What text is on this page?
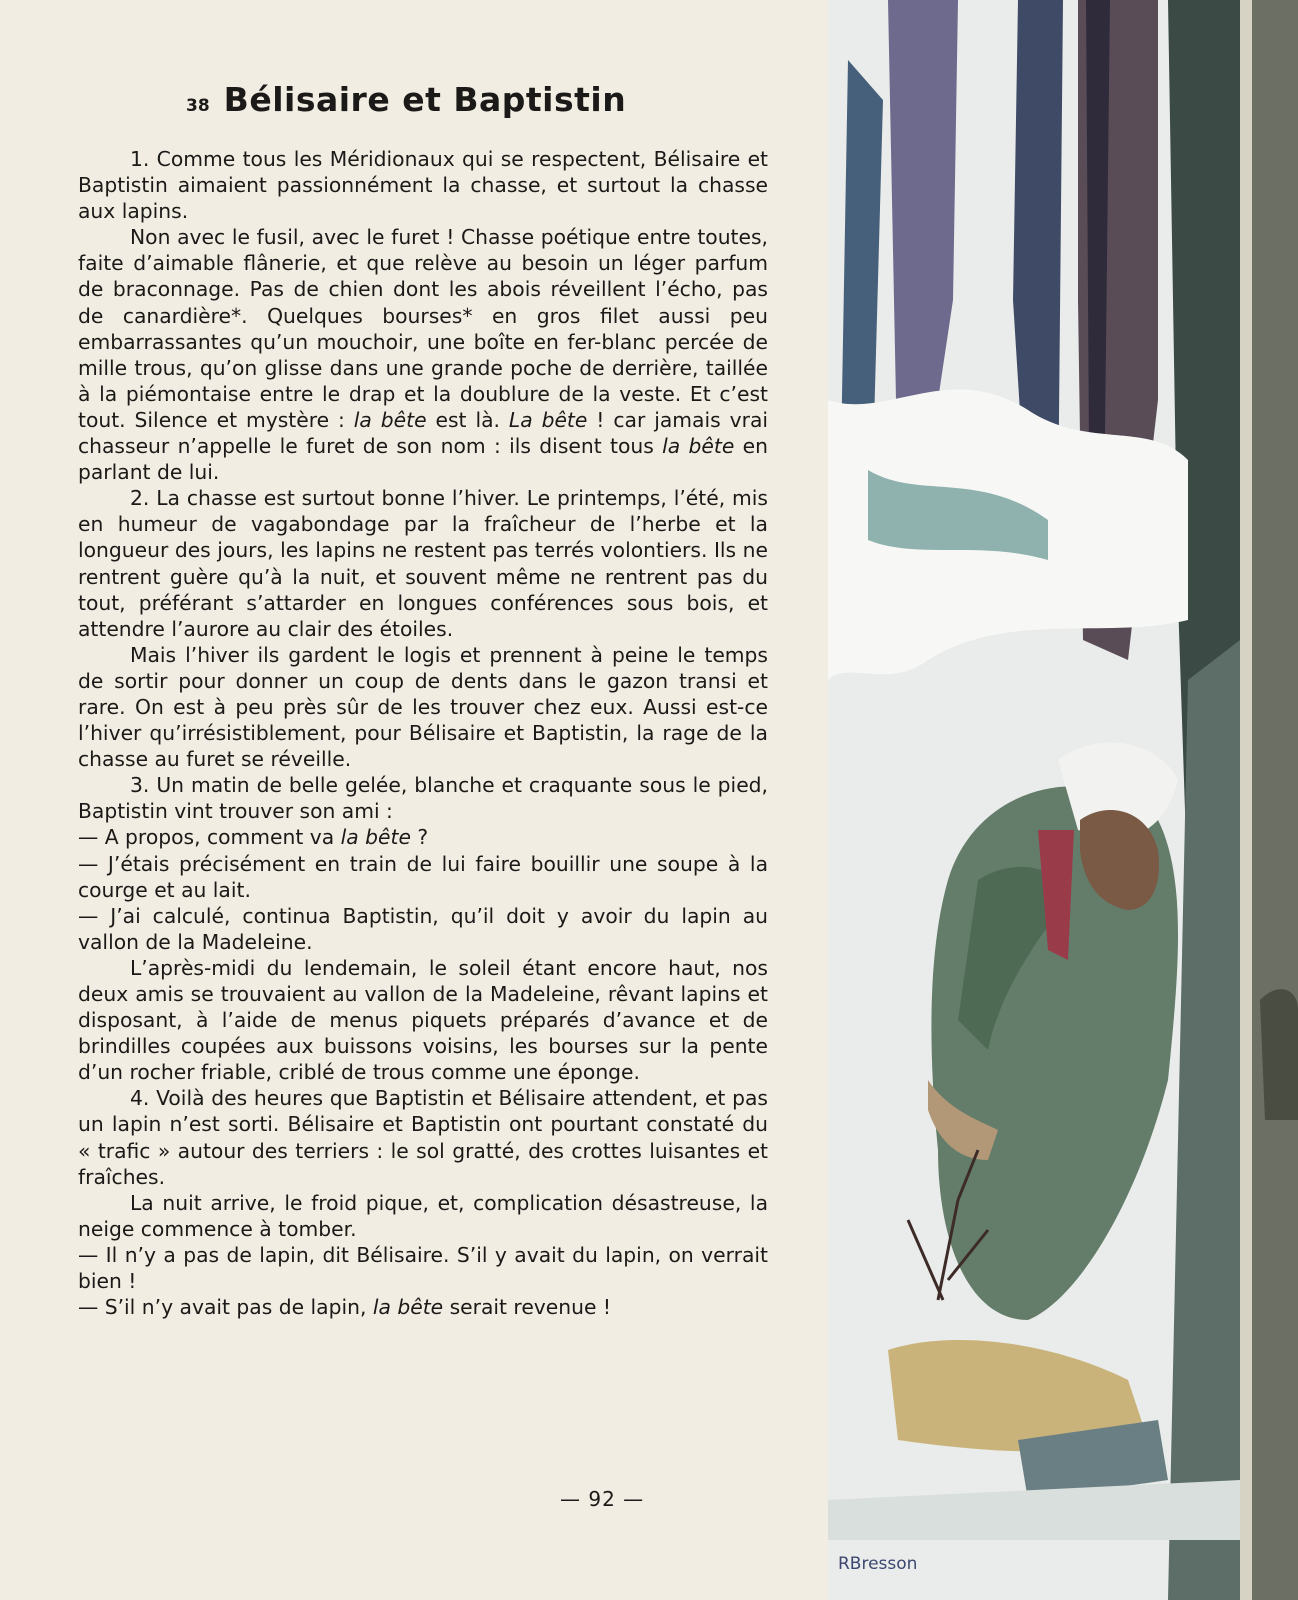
38 Bélisaire et Baptistin

1. Comme tous les Méridionaux qui se respectent, Bélisaire et Baptistin aimaient passionnément la chasse, et surtout la chasse aux lapins.

Non avec le fusil, avec le furet ! Chasse poétique entre toutes, faite d’aimable flânerie, et que relève au besoin un léger parfum de braconnage. Pas de chien dont les abois réveillent l’écho, pas de canardière*. Quelques bourses* en gros filet aussi peu embarrassantes qu’un mouchoir, une boîte en fer-blanc percée de mille trous, qu’on glisse dans une grande poche de derrière, taillée à la piémontaise entre le drap et la doublure de la veste. Et c’est tout. Silence et mystère : la bête est là. La bête ! car jamais vrai chasseur n’appelle le furet de son nom : ils disent tous la bête en parlant de lui.

2. La chasse est surtout bonne l’hiver. Le printemps, l’été, mis en humeur de vagabondage par la fraîcheur de l’herbe et la longueur des jours, les lapins ne restent pas terrés volontiers. Ils ne rentrent guère qu’à la nuit, et souvent même ne rentrent pas du tout, préférant s’attarder en longues conférences sous bois, et attendre l’aurore au clair des étoiles.

Mais l’hiver ils gardent le logis et prennent à peine le temps de sortir pour donner un coup de dents dans le gazon transi et rare. On est à peu près sûr de les trouver chez eux. Aussi est-ce l’hiver qu’irrésistiblement, pour Bélisaire et Baptistin, la rage de la chasse au furet se réveille.

3. Un matin de belle gelée, blanche et craquante sous le pied, Baptistin vint trouver son ami :

— A propos, comment va la bête ?

— J’étais précisément en train de lui faire bouillir une soupe à la courge et au lait.

— J’ai calculé, continua Baptistin, qu’il doit y avoir du lapin au vallon de la Madeleine.

L’après-midi du lendemain, le soleil étant encore haut, nos deux amis se trouvaient au vallon de la Madeleine, rêvant lapins et disposant, à l’aide de menus piquets préparés d’avance et de brindilles coupées aux buissons voisins, les bourses sur la pente d’un rocher friable, criblé de trous comme une éponge.

4. Voilà des heures que Baptistin et Bélisaire attendent, et pas un lapin n’est sorti. Bélisaire et Baptistin ont pourtant constaté du « trafic » autour des terriers : le sol gratté, des crottes luisantes et fraîches.

La nuit arrive, le froid pique, et, complication désastreuse, la neige commence à tomber.

— Il n’y a pas de lapin, dit Bélisaire. S’il y avait du lapin, on verrait bien !

— S’il n’y avait pas de lapin, la bête serait revenue !

— 92 —
RBresson
